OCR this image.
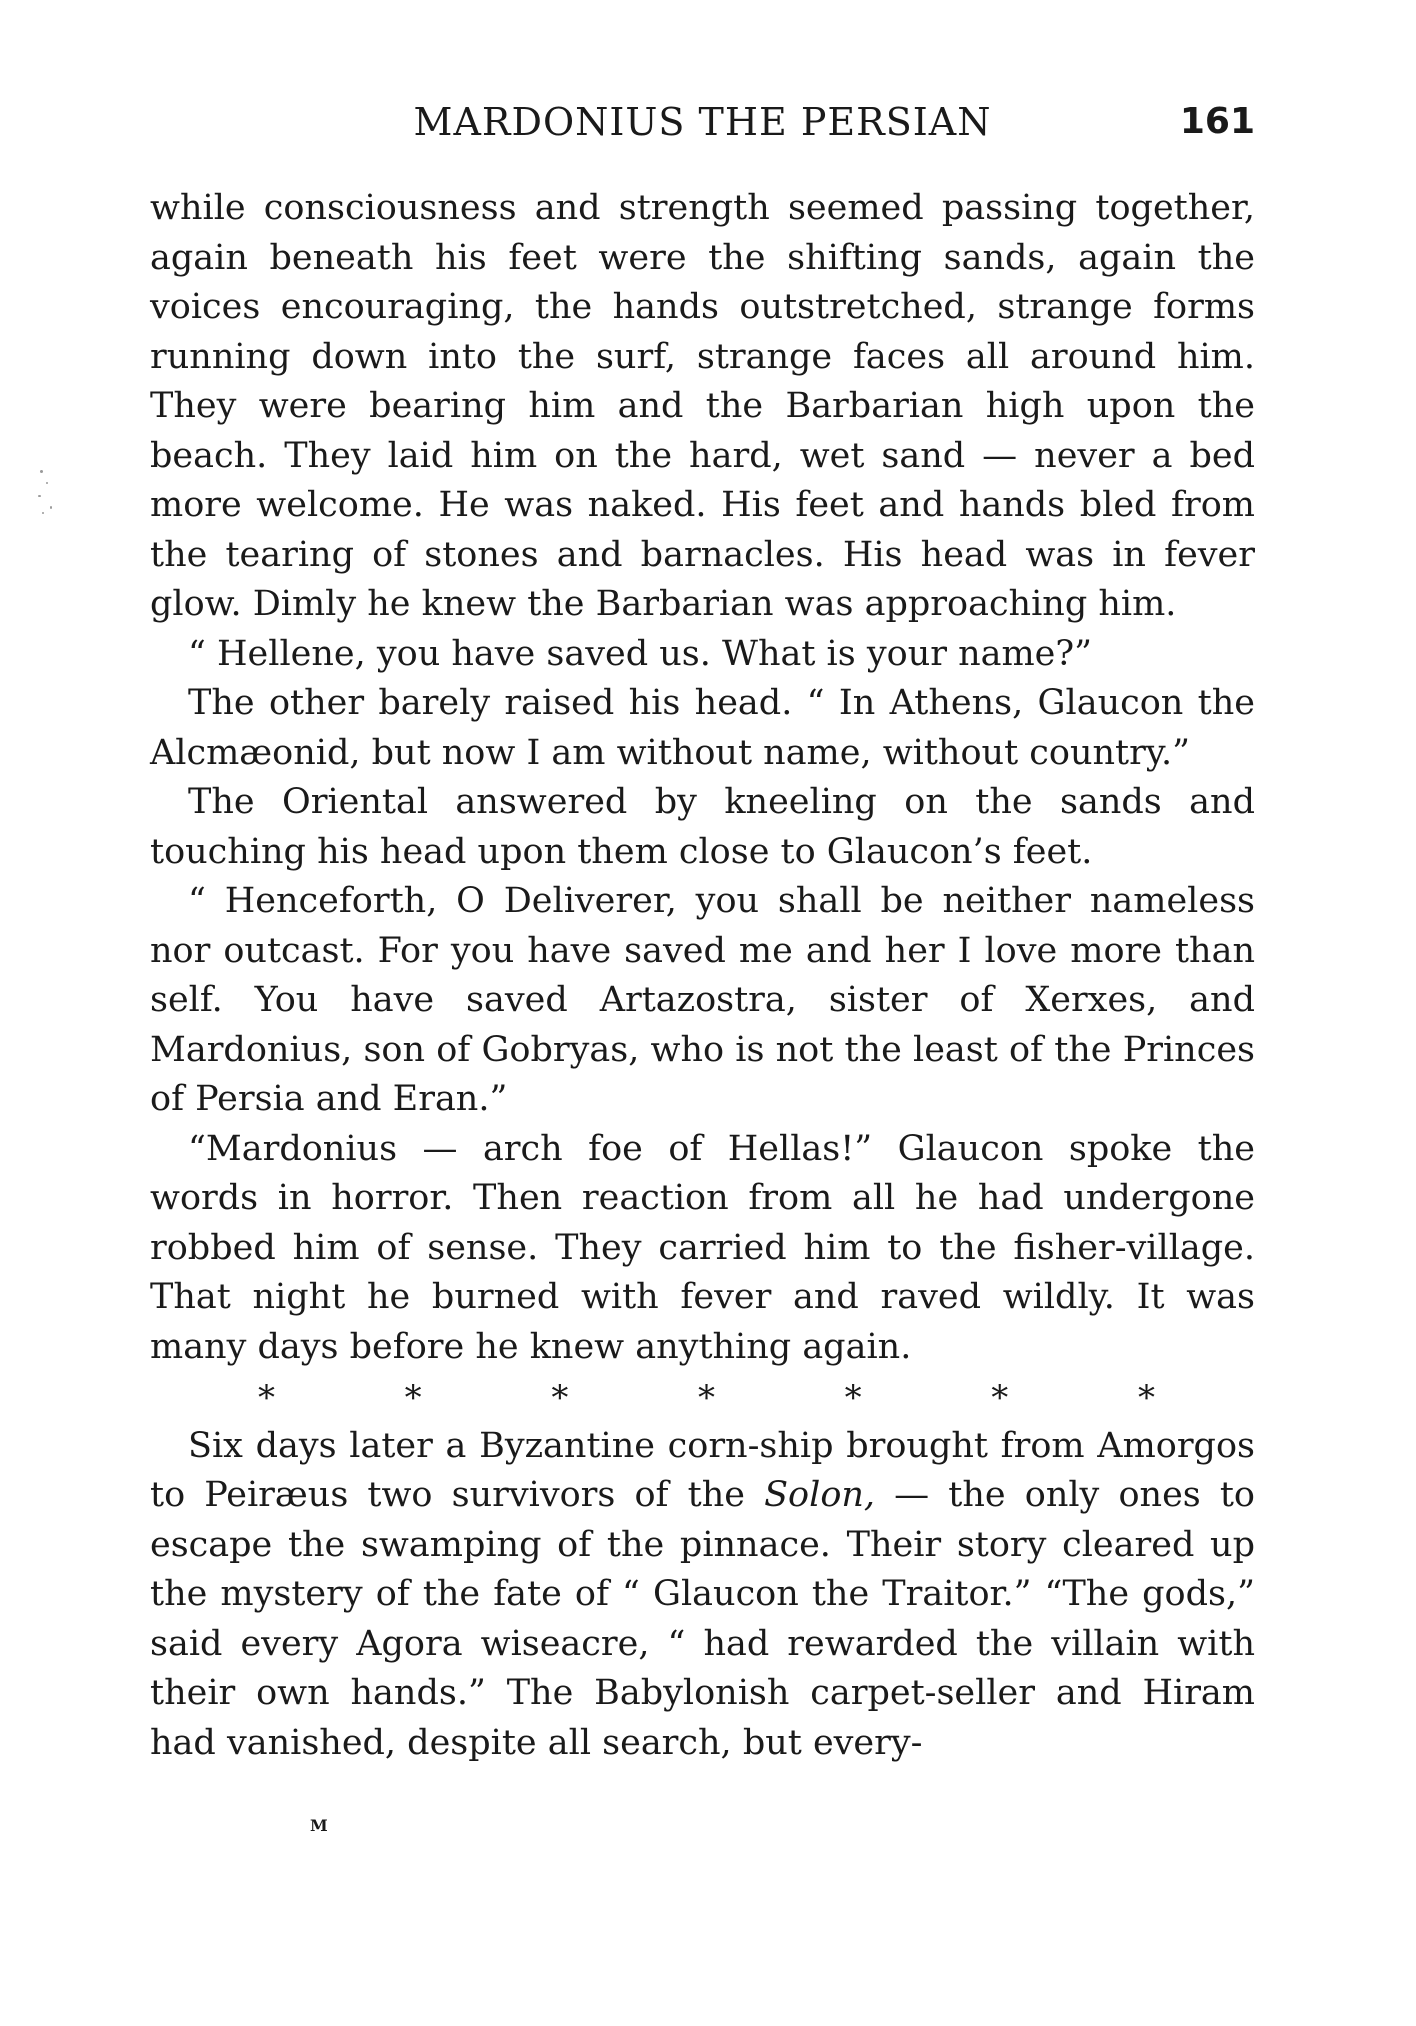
MARDONIUS THE PERSIAN	161

while consciousness and strength seemed passing together, again beneath his feet were the shifting sands, again the voices encouraging, the hands outstretched, strange forms running down into the surf, strange faces all around him. They were bearing him and the Barbarian high upon the beach. They laid him on the hard, wet sand — never a bed more welcome. He was naked. His feet and hands bled from the tearing of stones and barnacles. His head was in fever glow. Dimly he knew the Barbarian was approaching him.

“ Hellene, you have saved us. What is your name?”

The other barely raised his head. “ In Athens, Glaucon the Alcmæonid, but now I am without name, without country.”

The Oriental answered by kneeling on the sands and touching his head upon them close to Glaucon’s feet.

“ Henceforth, O Deliverer, you shall be neither nameless nor outcast. For you have saved me and her I love more than self. You have saved Artazostra, sister of Xerxes, and Mardonius, son of Gobryas, who is not the least of the Princes of Persia and Eran.”

“Mardonius — arch foe of Hellas!” Glaucon spoke the words in horror. Then reaction from all he had undergone robbed him of sense. They carried him to the fisher-village. That night he burned with fever and raved wildly. It was many days before he knew anything again.

*	*	*	*	*	*	*

Six days later a Byzantine corn-ship brought from Amorgos to Peiræus two survivors of the Solon, — the only ones to escape the swamping of the pinnace. Their story cleared up the mystery of the fate of “ Glaucon the Traitor.” “The gods,” said every Agora wiseacre, “ had rewarded the villain with their own hands.” The Babylonish carpet-seller and Hiram had vanished, despite all search, but every-

M
